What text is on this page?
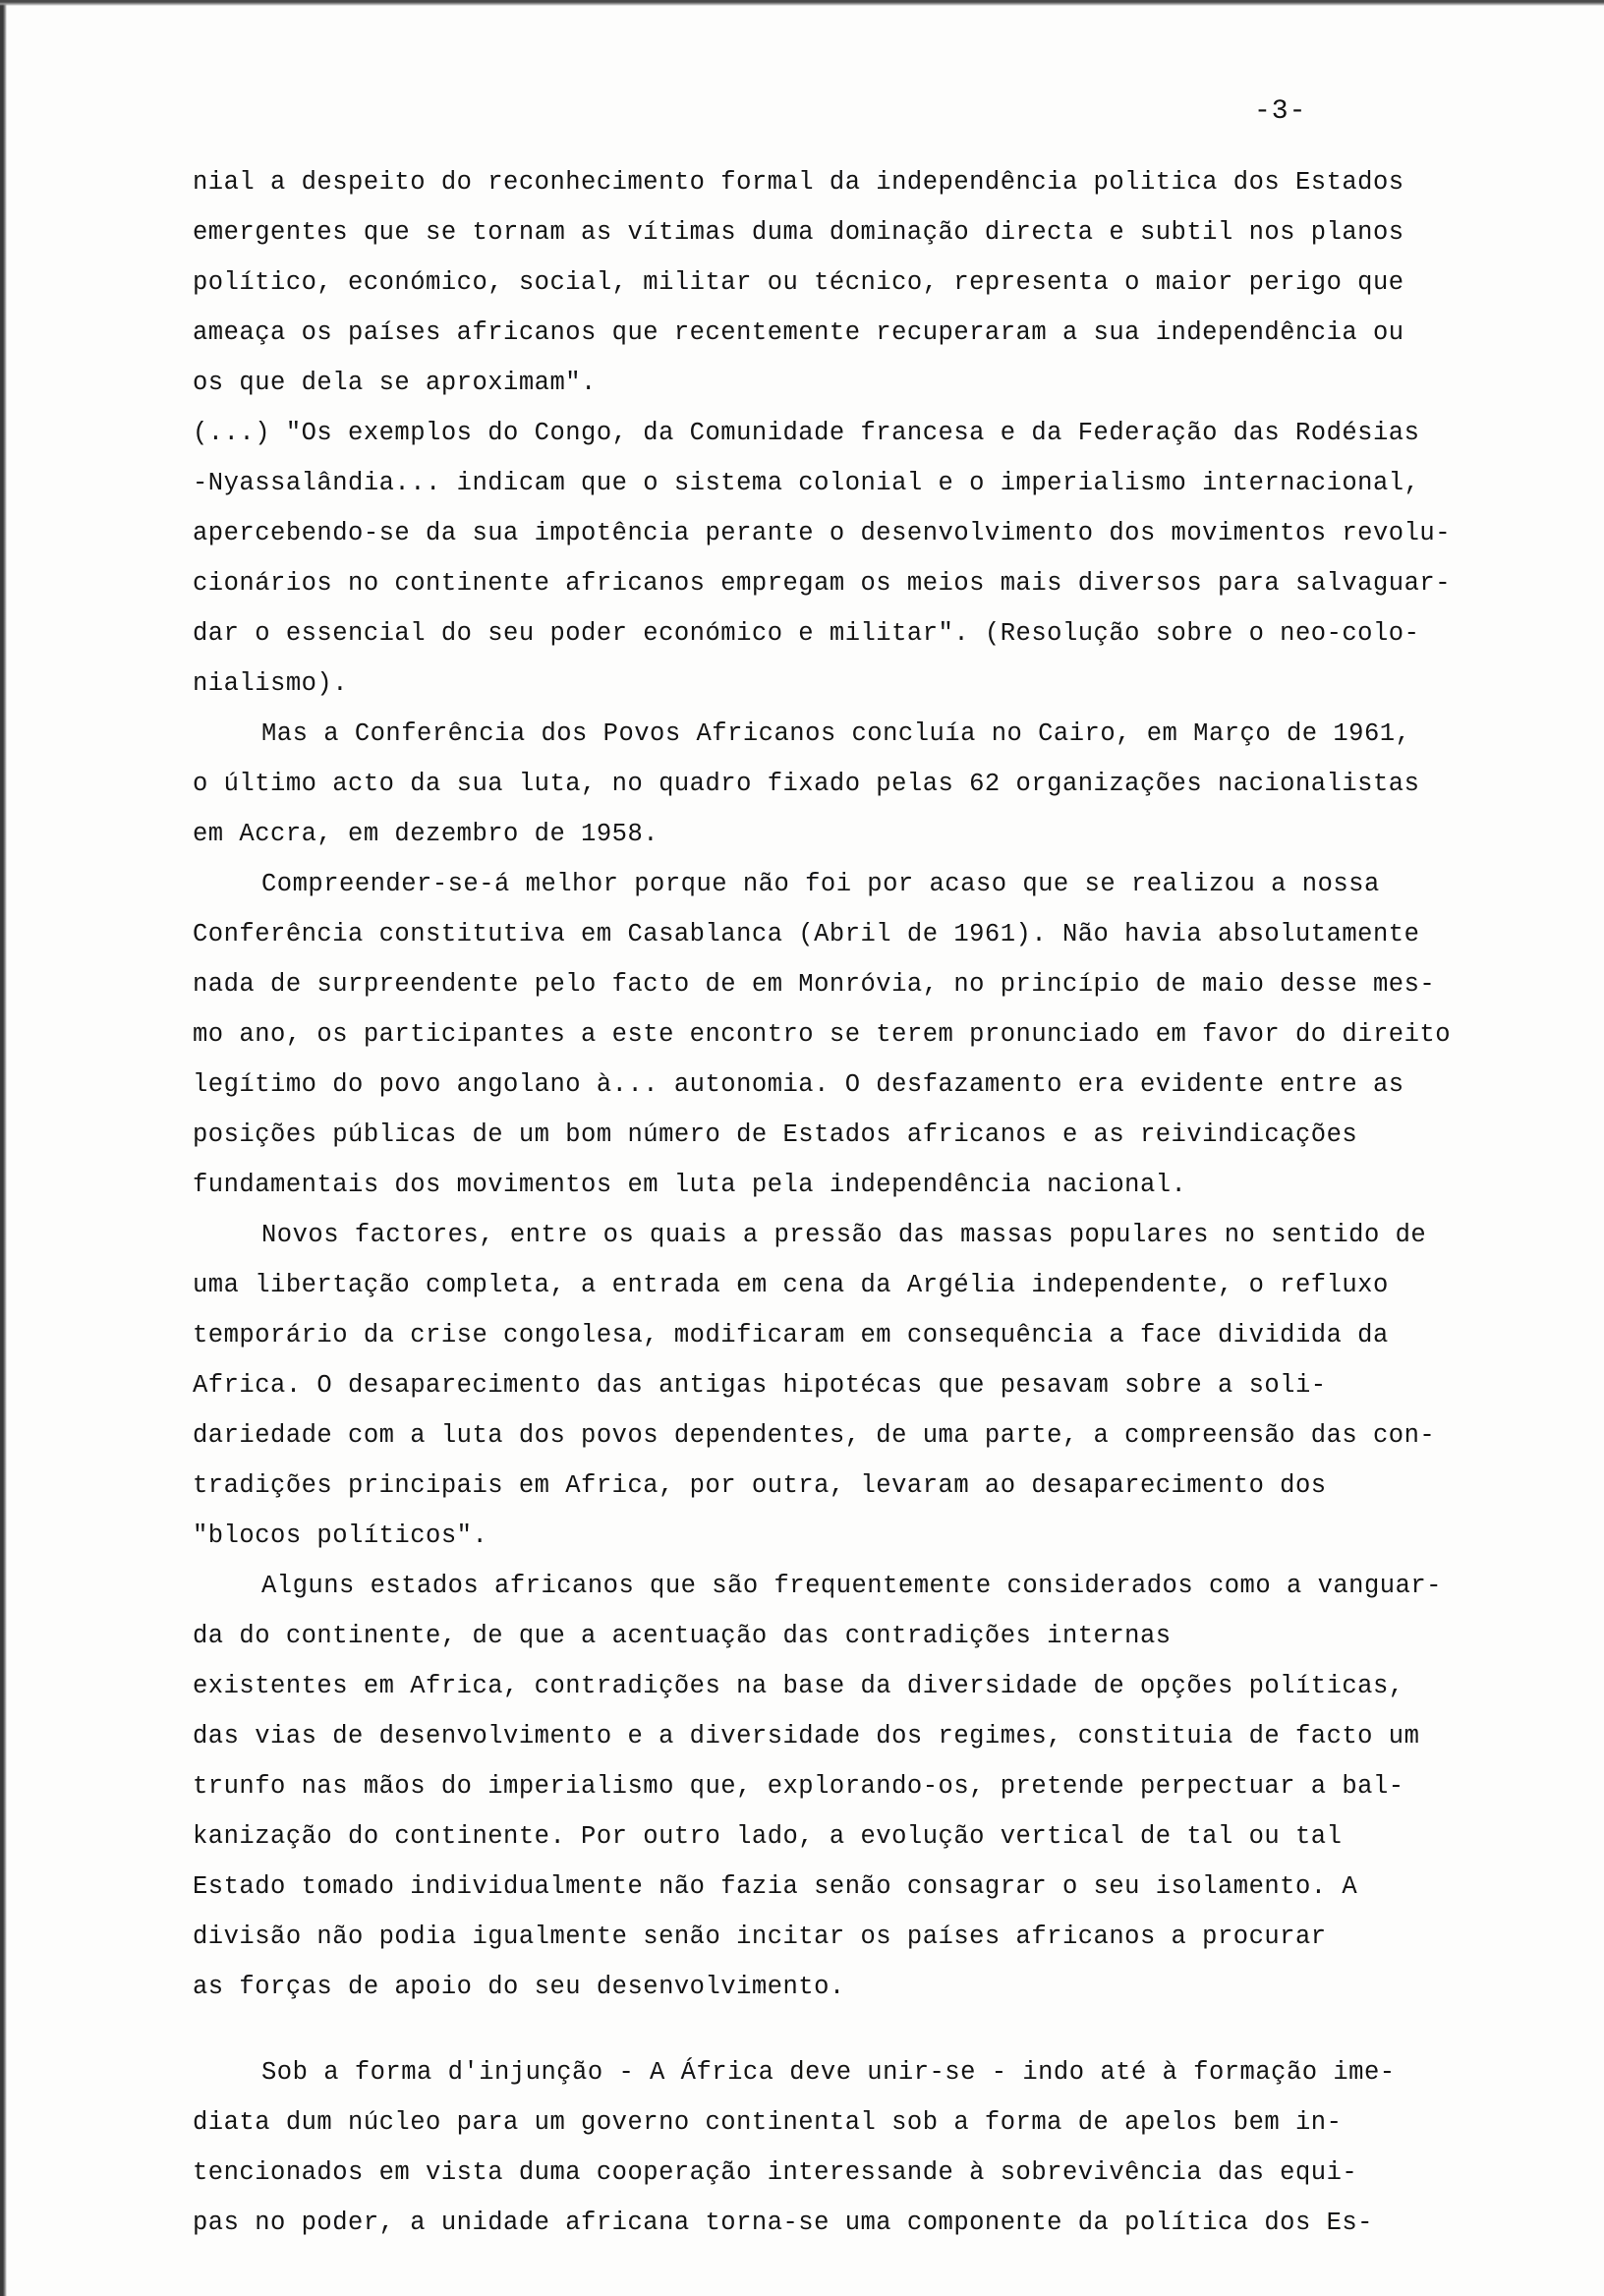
-3-
nial a despeito do reconhecimento formal da independência politica dos Estados
emergentes que se tornam as vítimas duma dominação directa e subtil nos planos
político, económico, social, militar ou técnico, representa o maior perigo que
ameaça os países africanos que recentemente recuperaram a sua independência ou
os que dela se aproximam".
(...) "Os exemplos do Congo, da Comunidade francesa e da Federação das Rodésias
-Nyassalândia... indicam que o sistema colonial e o imperialismo internacional,
apercebendo-se da sua impotência perante o desenvolvimento dos movimentos revolu-
cionários no continente africanos empregam os meios mais diversos para salvaguar-
dar o essencial do seu poder económico e militar". (Resolução sobre o neo-colo-
nialismo).
Mas a Conferência dos Povos Africanos concluía no Cairo, em Março de 1961,
o último acto da sua luta, no quadro fixado pelas 62 organizações nacionalistas
em Accra, em dezembro de 1958.
Compreender-se-á melhor porque não foi por acaso que se realizou a nossa
Conferência constitutiva em Casablanca (Abril de 1961). Não havia absolutamente
nada de surpreendente pelo facto de em Monróvia, no princípio de maio desse mes-
mo ano, os participantes a este encontro se terem pronunciado em favor do direito
legítimo do povo angolano à... autonomia. O desfazamento era evidente entre as
posições públicas de um bom número de Estados africanos e as reivindicações
fundamentais dos movimentos em luta pela independência nacional.
Novos factores, entre os quais a pressão das massas populares no sentido de
uma libertação completa, a entrada em cena da Argélia independente, o refluxo
temporário da crise congolesa, modificaram em consequência a face dividida da
Africa. O desaparecimento das antigas hipotécas que pesavam sobre a soli-
dariedade com a luta dos povos dependentes, de uma parte, a compreensão das con-
tradições principais em Africa, por outra, levaram ao desaparecimento dos
"blocos políticos".
Alguns estados africanos que são frequentemente considerados como a vanguar-
da do continente, de que a acentuação das contradições internas
existentes em Africa, contradições na base da diversidade de opções políticas,
das vias de desenvolvimento e a diversidade dos regimes, constituia de facto um
trunfo nas mãos do imperialismo que, explorando-os, pretende perpectuar a bal-
kanização do continente. Por outro lado, a evolução vertical de tal ou tal
Estado tomado individualmente não fazia senão consagrar o seu isolamento. A
divisão não podia igualmente senão incitar os países africanos a procurar
as forças de apoio do seu desenvolvimento.
Sob a forma d'injunção - A África deve unir-se - indo até à formação ime-
diata dum núcleo para um governo continental sob a forma de apelos bem in-
tencionados em vista duma cooperação interessande à sobrevivência das equi-
pas no poder, a unidade africana torna-se uma componente da política dos Es-
